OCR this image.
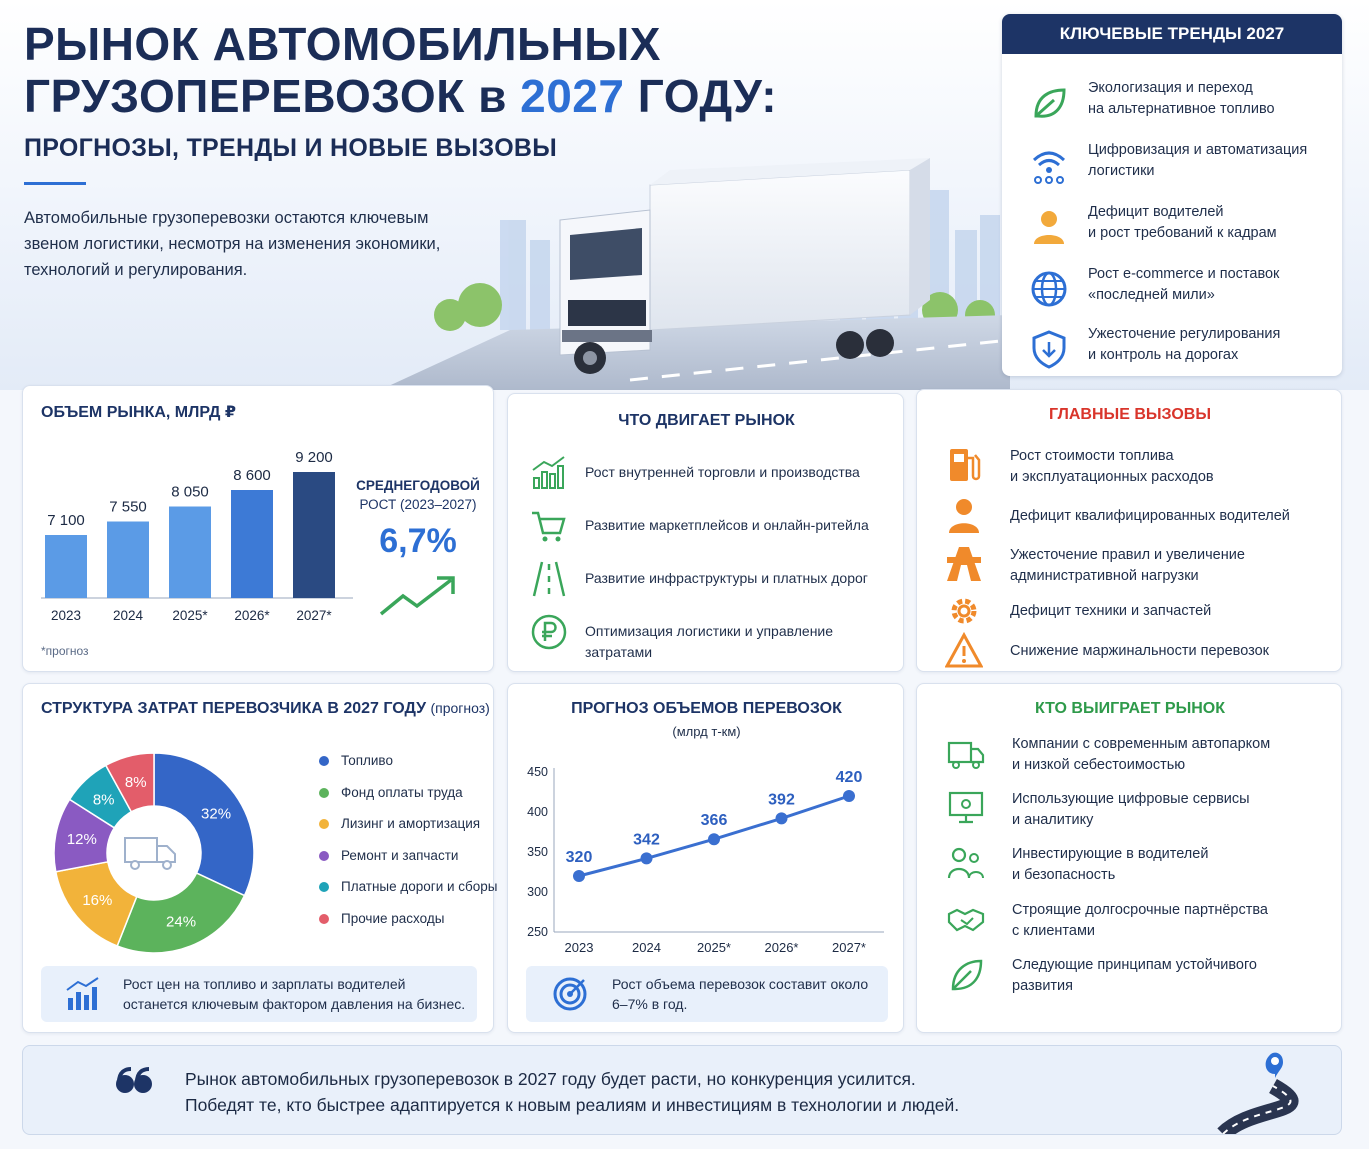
РЫНОК АВТОМОБИЛЬНЫХ
ГРУЗОПЕРЕВОЗОК в 2027 ГОДУ:
ПРОГНОЗЫ, ТРЕНДЫ И НОВЫЕ ВЫЗОВЫ
Автомобильные грузоперевозки остаются ключевым звеном логистики, несмотря на изменения экономики, технологий и регулирования.
КЛЮЧЕВЫЕ ТРЕНДЫ 2027
Экологизация и переход
на альтернативное топливо
Цифровизация и автоматизация
логистики
Дефицит водителей
и рост требований к кадрам
Рост e-commerce и поставок
«последней мили»
Ужесточение регулирования
и контроль на дорогах
ОБЪЕМ РЫНКА, МЛРД ₽
7 100
2023
7 550
2024
8 050
2025*
8 600
2026*
9 200
2027*
СРЕДНЕГОДОВОЙ
РОСТ (2023–2027)
6,7%
*прогноз
ЧТО ДВИГАЕТ РЫНОК
Рост внутренней торговли и производства
Развитие маркетплейсов и онлайн-ритейла
Развитие инфраструктуры и платных дорог
Оптимизация логистики и управление затратами
ГЛАВНЫЕ ВЫЗОВЫ
Рост стоимости топлива
и эксплуатационных расходов
Дефицит квалифицированных водителей
Ужесточение правил и увеличение
административной нагрузки
Дефицит техники и запчастей
Снижение маржинальности перевозок
СТРУКТУРА ЗАТРАТ ПЕРЕВОЗЧИКА В 2027 ГОДУ (прогноз)
32%
24%
16%
12%
8%
8%
Топливо
Фонд оплаты труда
Лизинг и амортизация
Ремонт и запчасти
Платные дороги и сборы
Прочие расходы
Рост цен на топливо и зарплаты водителей останется ключевым фактором давления на бизнес.
ПРОГНОЗ ОБЪЕМОВ ПЕРЕВОЗОК
(млрд т-км)
450
400
350
300
250
320
2023
342
2024
366
2025*
392
2026*
420
2027*
Рост объема перевозок составит около 6–7% в год.
КТО ВЫИГРАЕТ РЫНОК
Компании с современным автопарком
и низкой себестоимостью
Использующие цифровые сервисы
и аналитику
Инвестирующие в водителей
и безопасность
Строящие долгосрочные партнёрства
с клиентами
Следующие принципам устойчивого
развития
Рынок автомобильных грузоперевозок в 2027 году будет расти, но конкуренция усилится.
Победят те, кто быстрее адаптируется к новым реалиям и инвестициям в технологии и людей.
